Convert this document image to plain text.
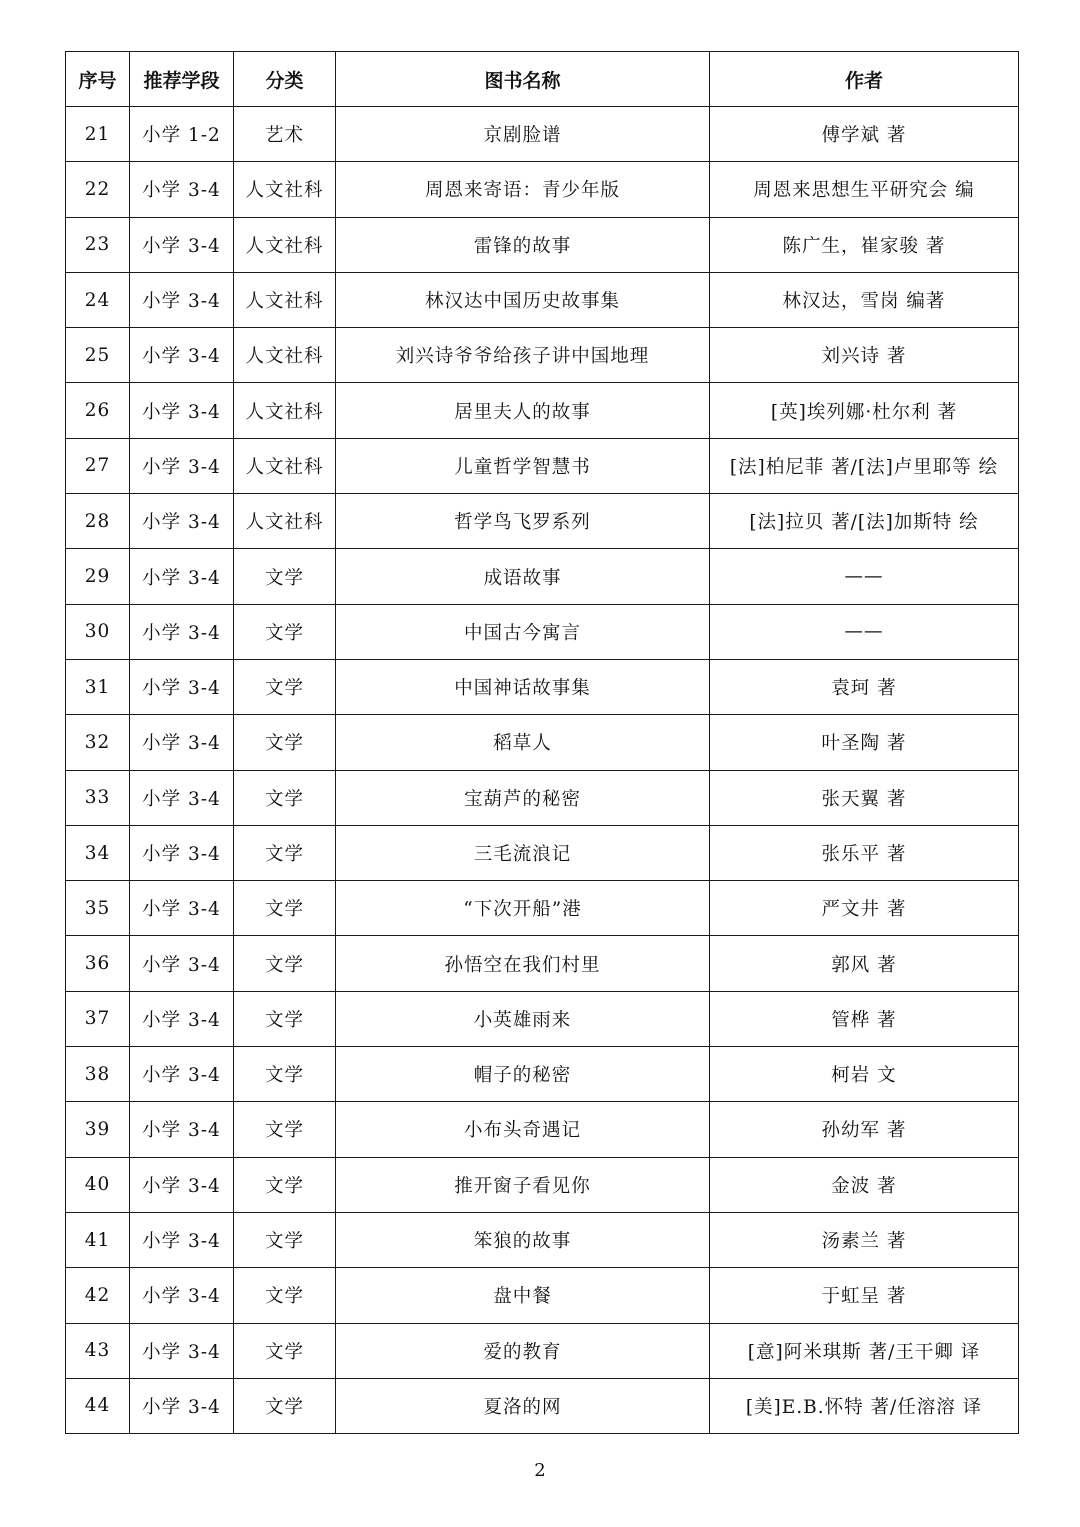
序号	推荐学段	分类	图书名称	作者
21	小学 1-2	艺术	京剧脸谱	傅学斌 著
22	小学 3-4	人文社科	周恩来寄语：青少年版	周恩来思想生平研究会 编
23	小学 3-4	人文社科	雷锋的故事	陈广生，崔家骏 著
24	小学 3-4	人文社科	林汉达中国历史故事集	林汉达，雪岗 编著
25	小学 3-4	人文社科	刘兴诗爷爷给孩子讲中国地理	刘兴诗 著
26	小学 3-4	人文社科	居里夫人的故事	[英]埃列娜·杜尔利 著
27	小学 3-4	人文社科	儿童哲学智慧书	[法]柏尼菲 著/[法]卢里耶等 绘
28	小学 3-4	人文社科	哲学鸟飞罗系列	[法]拉贝 著/[法]加斯特 绘
29	小学 3-4	文学	成语故事	——
30	小学 3-4	文学	中国古今寓言	——
31	小学 3-4	文学	中国神话故事集	袁珂 著
32	小学 3-4	文学	稻草人	叶圣陶 著
33	小学 3-4	文学	宝葫芦的秘密	张天翼 著
34	小学 3-4	文学	三毛流浪记	张乐平 著
35	小学 3-4	文学	“下次开船”港	严文井 著
36	小学 3-4	文学	孙悟空在我们村里	郭风 著
37	小学 3-4	文学	小英雄雨来	管桦 著
38	小学 3-4	文学	帽子的秘密	柯岩 文
39	小学 3-4	文学	小布头奇遇记	孙幼军 著
40	小学 3-4	文学	推开窗子看见你	金波 著
41	小学 3-4	文学	笨狼的故事	汤素兰 著
42	小学 3-4	文学	盘中餐	于虹呈 著
43	小学 3-4	文学	爱的教育	[意]阿米琪斯 著/王干卿 译
44	小学 3-4	文学	夏洛的网	[美]E.B.怀特 著/任溶溶 译
2
